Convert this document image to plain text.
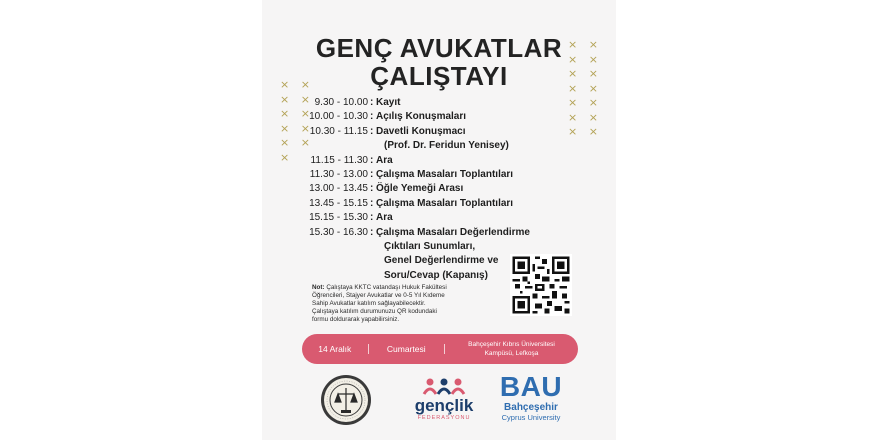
GENÇ AVUKATLAR
ÇALIŞTAYI
× ×
× ×
× ×
× ×
× ×
×
× ×
× ×
× ×
× ×
× ×
× ×
× ×
9.30 - 10.00 : Kayıt
10.00 - 10.30 : Açılış Konuşmaları
10.30 - 11.15 : Davetli Konuşmacı
(Prof. Dr. Feridun Yenisey)
11.15 - 11.30 : Ara
11.30 - 13.00 : Çalışma Masaları Toplantıları
13.00 - 13.45 : Öğle Yemeği Arası
13.45 - 15.15 : Çalışma Masaları Toplantıları
15.15 - 15.30 : Ara
15.30 - 16.30 : Çalışma Masaları Değerlendirme
Çıktıları Sunumları,
Genel Değerlendirme ve
Soru/Cevap (Kapanış)
Not: Çalıştaya KKTC vatandaşı Hukuk Fakültesi
Öğrencileri, Stajyer Avukatlar ve 0-5 Yıl Kıdeme
Sahip Avukatlar katılım sağlayabilecektir.
Çalıştaya katılım durumunuzu QR kodundaki
formu doldurarak yapabilirsiniz.
14 Aralık	Cumartesi	Bahçeşehir Kıbrıs Üniversitesi
Kampüsü, Lefkoşa
gençlik
FEDERASYONU
BAU
Bahçeşehir
Cyprus University
